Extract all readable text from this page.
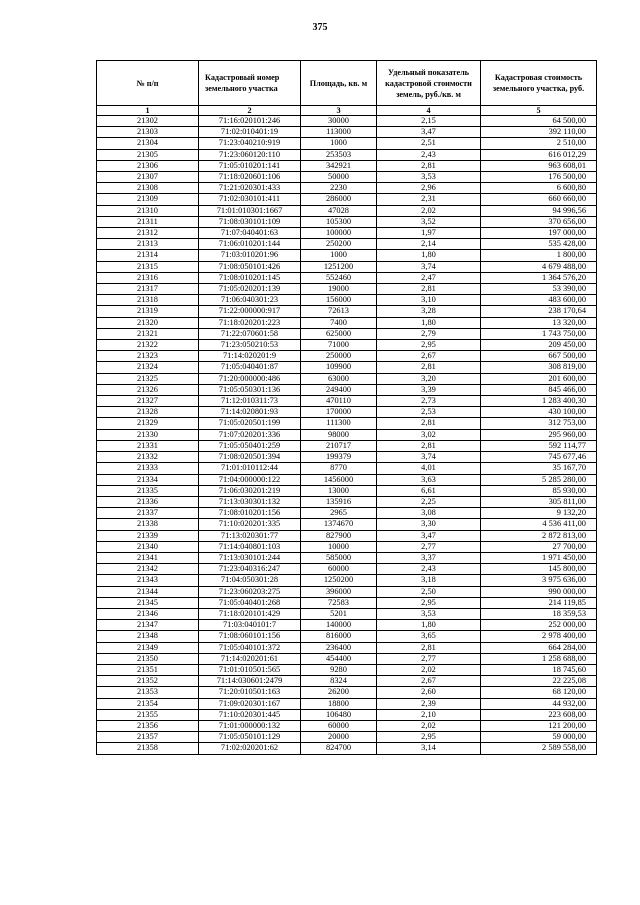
375
№ п/п	Кадастровый номер земельного участка	Площадь, кв. м	Удельный показатель кадастровой стоимости земель, руб./кв. м	Кадастровая стоимость земельного участка, руб.
1	2	3	4	5
21302	71:16:020101:246	30000	2,15	64 500,00
21303	71:02:010401:19	113000	3,47	392 110,00
21304	71:23:040210:919	1000	2,51	2 510,00
21305	71:23:060120:110	253503	2,43	616 012,29
21306	71:05:010201:141	342921	2,81	963 608,01
21307	71:18:020601:106	50000	3,53	176 500,00
21308	71:21:020301:433	2230	2,96	6 600,80
21309	71:02:030101:411	286000	2,31	660 660,00
21310	71:01:010301:1667	47028	2,02	94 996,56
21311	71:08:030101:109	105300	3,52	370 656,00
21312	71:07:040401:63	100000	1,97	197 000,00
21313	71:06:010201:144	250200	2,14	535 428,00
21314	71:03:010201:96	1000	1,80	1 800,00
21315	71:08:050101:426	1251200	3,74	4 679 488,00
21316	71:08:010201:145	552460	2,47	1 364 576,20
21317	71:05:020201:139	19000	2,81	53 390,00
21318	71:06:040301:23	156000	3,10	483 600,00
21319	71:22:000000:917	72613	3,28	238 170,64
21320	71:18:020201:223	7400	1,80	13 320,00
21321	71:22:070601:58	625000	2,79	1 743 750,00
21322	71:23:050210:53	71000	2,95	209 450,00
21323	71:14:020201:9	250000	2,67	667 500,00
21324	71:05:040401:87	109900	2,81	308 819,00
21325	71:20:000000:486	63000	3,20	201 600,00
21326	71:05:050301:136	249400	3,39	845 466,00
21327	71:12:010311:73	470110	2,73	1 283 400,30
21328	71:14:020801:93	170000	2,53	430 100,00
21329	71:05:020501:199	111300	2,81	312 753,00
21330	71:07:020201:336	98000	3,02	295 960,00
21331	71:05:050401:259	210717	2,81	592 114,77
21332	71:08:020501:394	199379	3,74	745 677,46
21333	71:01:010112:44	8770	4,01	35 167,70
21334	71:04:000000:122	1456000	3,63	5 285 280,00
21335	71:06:030201:219	13000	6,61	85 930,00
21336	71:13:030301:132	135916	2,25	305 811,00
21337	71:08:010201:156	2965	3,08	9 132,20
21338	71:10:020201:335	1374670	3,30	4 536 411,00
21339	71:13:020301:77	827900	3,47	2 872 813,00
21340	71:14:040801:103	10000	2,77	27 700,00
21341	71:13:030101:244	585000	3,37	1 971 450,00
21342	71:23:040316:247	60000	2,43	145 800,00
21343	71:04:050301:28	1250200	3,18	3 975 636,00
21344	71:23:060203:275	396000	2,50	990 000,00
21345	71:05:040401:268	72583	2,95	214 119,85
21346	71:18:020101:429	5201	3,53	18 359,53
21347	71:03:040101:7	140000	1,80	252 000,00
21348	71:08:060101:156	816000	3,65	2 978 400,00
21349	71:05:040101:372	236400	2,81	664 284,00
21350	71:14:020201:61	454400	2,77	1 258 688,00
21351	71:01:010501:565	9280	2,02	18 745,60
21352	71:14:030601:2479	8324	2,67	22 225,08
21353	71:20:010501:163	26200	2,60	68 120,00
21354	71:09:020301:167	18800	2,39	44 932,00
21355	71:10:020301:445	106480	2,10	223 608,00
21356	71:01:000000:132	60000	2,02	121 200,00
21357	71:05:050101:129	20000	2,95	59 000,00
21358	71:02:020201:62	824700	3,14	2 589 558,00
